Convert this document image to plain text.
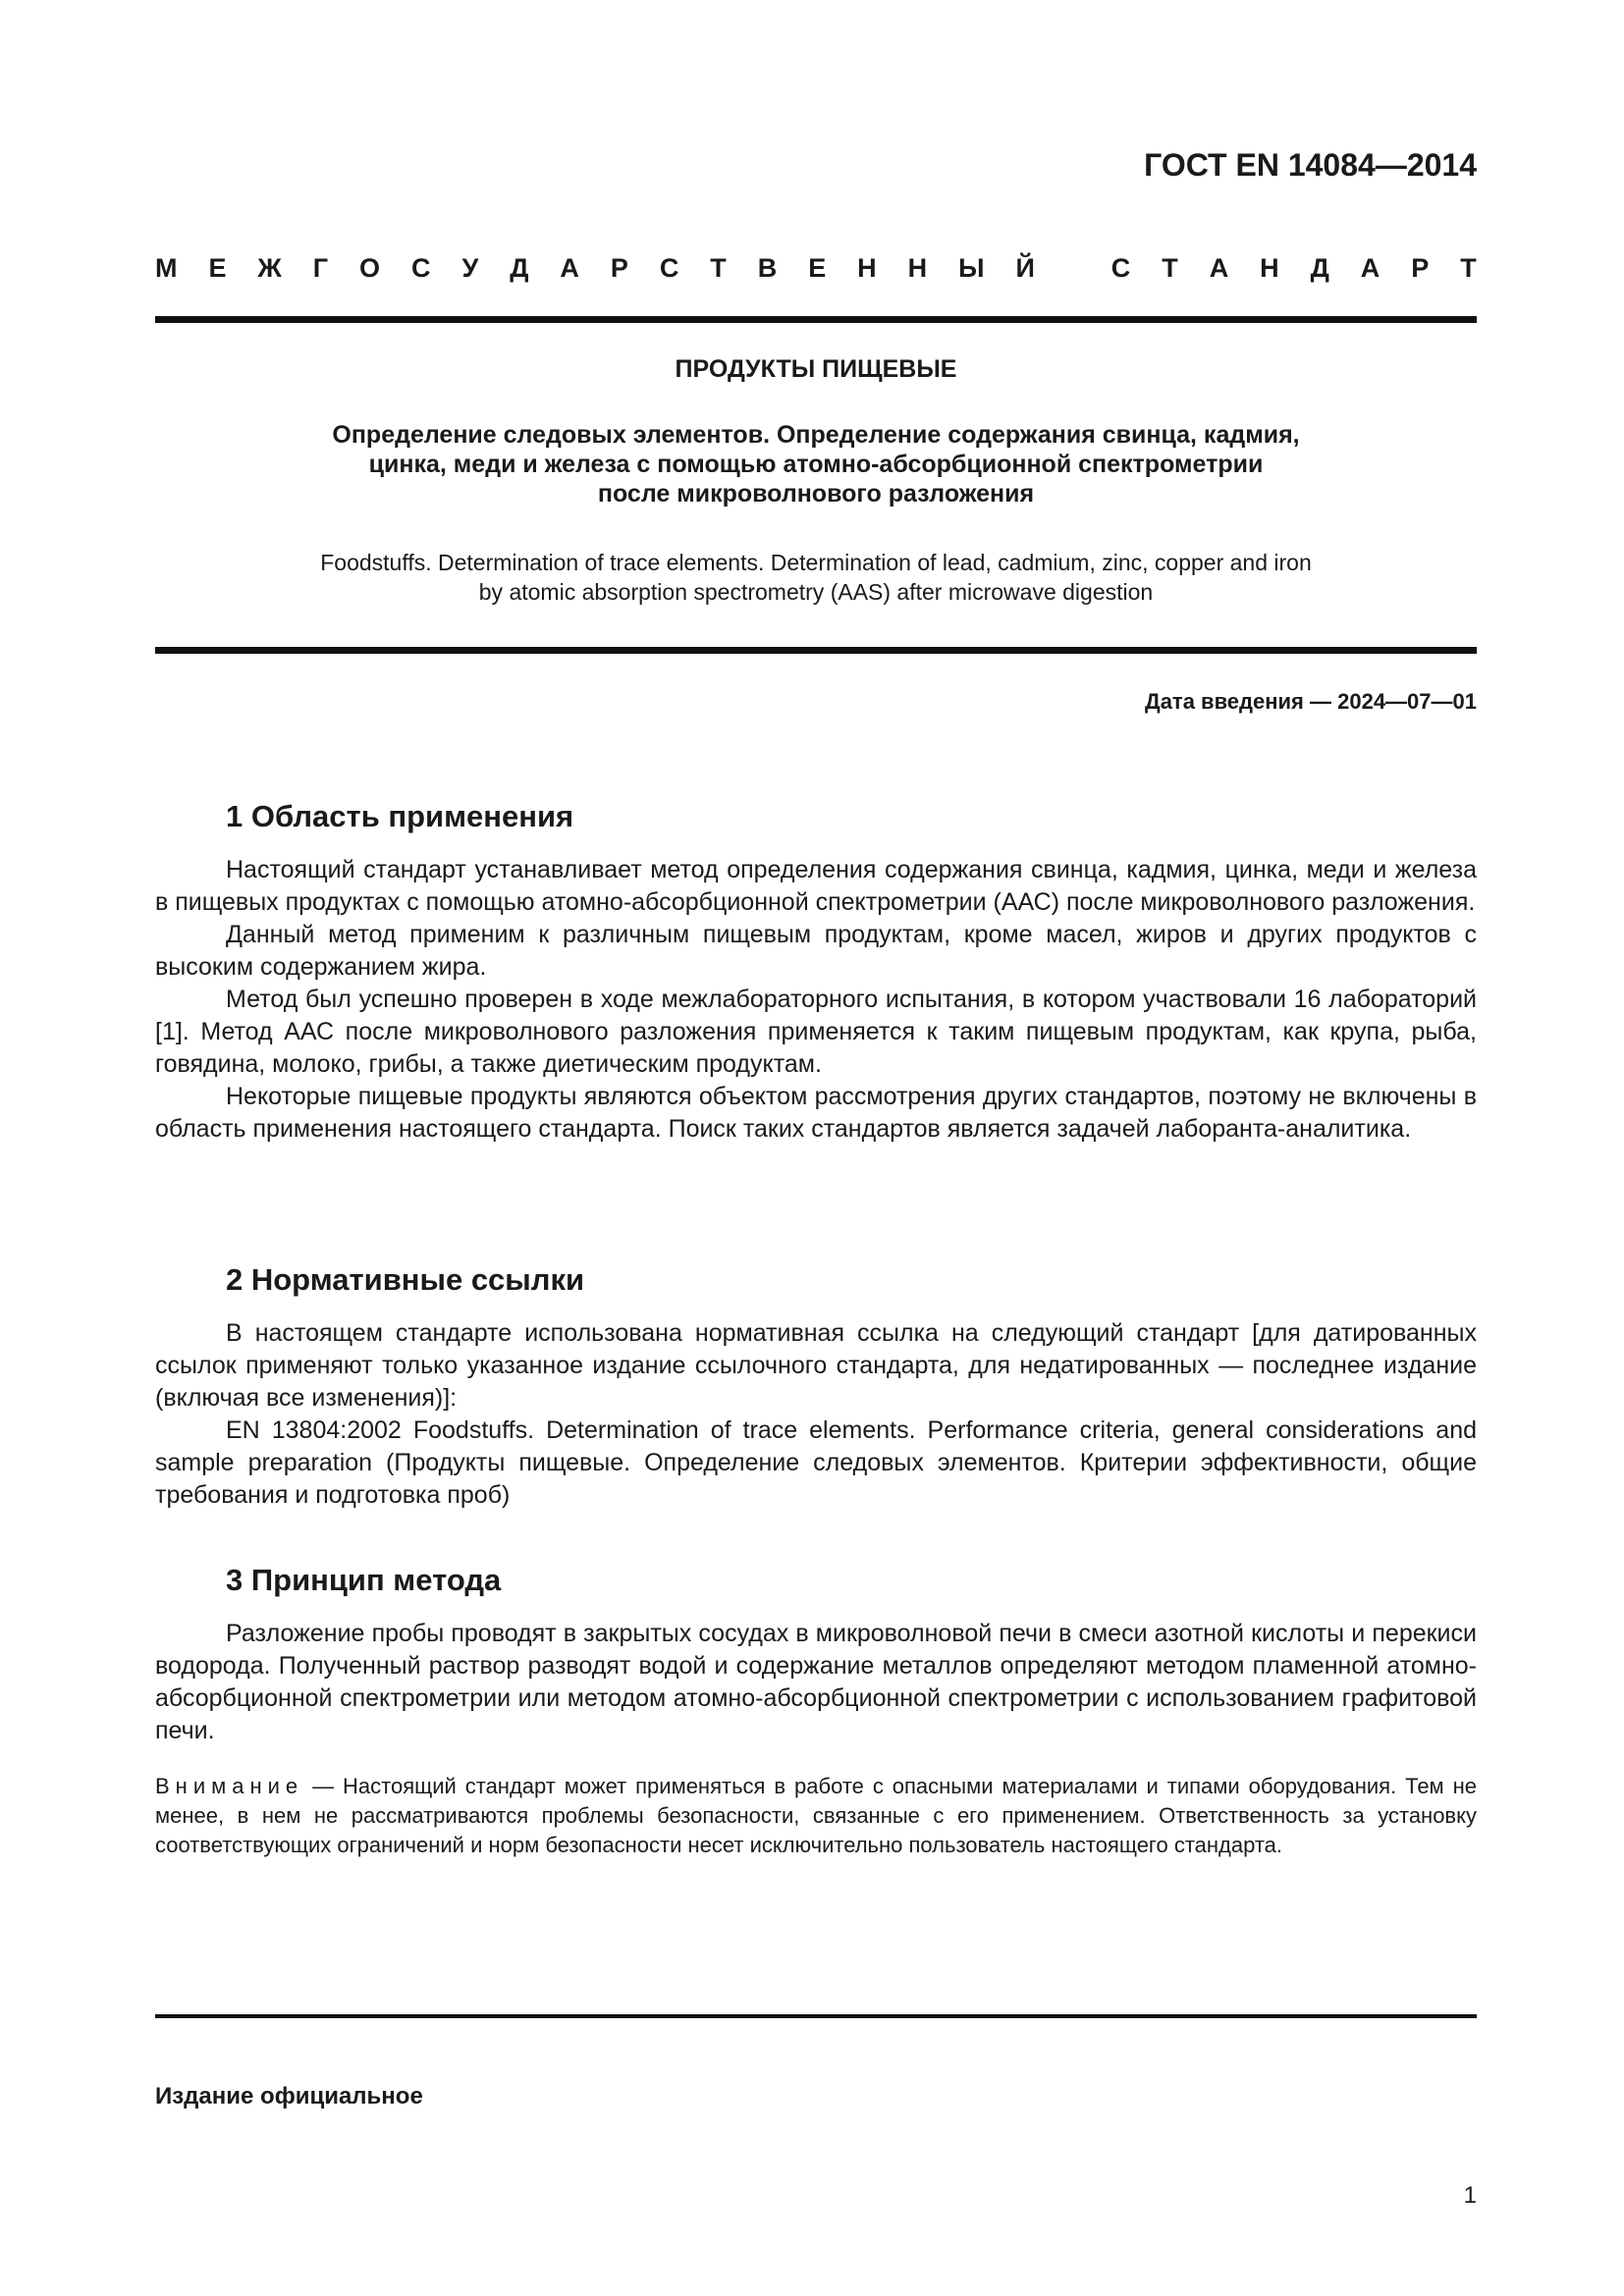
ГОСТ EN 14084—2014
М Е Ж Г О С У Д А Р С Т В Е Н Н Ы Й	С Т А Н Д А Р Т
ПРОДУКТЫ ПИЩЕВЫЕ
Определение следовых элементов. Определение содержания свинца, кадмия,
цинка, меди и железа с помощью атомно-абсорбционной спектрометрии
после микроволнового разложения
Foodstuffs. Determination of trace elements. Determination of lead, cadmium, zinc, copper and iron
by atomic absorption spectrometry (AAS) after microwave digestion
Дата введения — 2024—07—01
1 Область применения

Настоящий стандарт устанавливает метод определения содержания свинца, кадмия, цинка, меди и железа в пищевых продуктах с помощью атомно-абсорбционной спектрометрии (ААС) после микроволнового разложения.

Данный метод применим к различным пищевым продуктам, кроме масел, жиров и других продуктов с высоким содержанием жира.

Метод был успешно проверен в ходе межлабораторного испытания, в котором участвовали 16 лабораторий [1]. Метод ААС после микроволнового разложения применяется к таким пищевым продуктам, как крупа, рыба, говядина, молоко, грибы, а также диетическим продуктам.

Некоторые пищевые продукты являются объектом рассмотрения других стандартов, поэтому не включены в область применения настоящего стандарта. Поиск таких стандартов является задачей лаборанта-аналитика.

2 Нормативные ссылки

В настоящем стандарте использована нормативная ссылка на следующий стандарт [для датированных ссылок применяют только указанное издание ссылочного стандарта, для недатированных — последнее издание (включая все изменения)]:

EN 13804:2002 Foodstuffs. Determination of trace elements. Performance criteria, general considerations and sample preparation (Продукты пищевые. Определение следовых элементов. Критерии эффективности, общие требования и подготовка проб)

3 Принцип метода

Разложение пробы проводят в закрытых сосудах в микроволновой печи в смеси азотной кислоты и перекиси водорода. Полученный раствор разводят водой и содержание металлов определяют методом пламенной атомно-абсорбционной спектрометрии или методом атомно-абсорбционной спектрометрии с использованием графитовой печи.

Внимание — Настоящий стандарт может применяться в работе с опасными материалами и типами оборудования. Тем не менее, в нем не рассматриваются проблемы безопасности, связанные с его применением. Ответственность за установку соответствующих ограничений и норм безопасности несет исключительно пользователь настоящего стандарта.
Издание официальное
1
